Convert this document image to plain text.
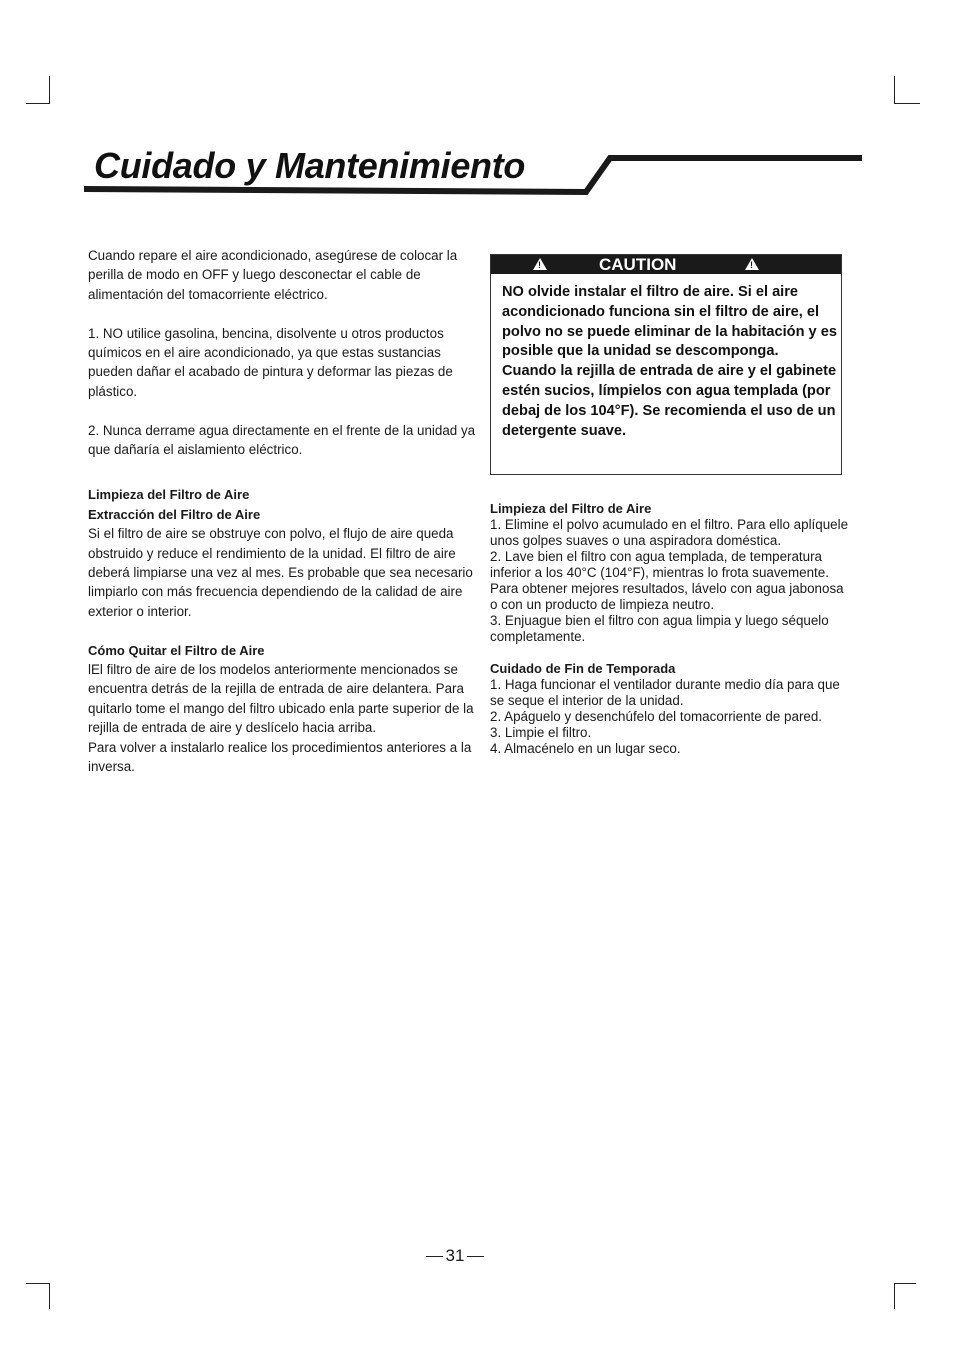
Cuidado y Mantenimiento

Cuando repare el aire acondicionado, asegúrese de colocar la perilla de modo en OFF y luego desconectar el cable de alimentación del tomacorriente eléctrico.

1. NO utilice gasolina, bencina, disolvente u otros productos químicos en el aire acondicionado, ya que estas sustancias pueden dañar el acabado de pintura y deformar las piezas de plástico.

2. Nunca derrame agua directamente en el frente de la unidad ya que dañaría el aislamiento eléctrico.

Limpieza del Filtro de Aire

Extracción del Filtro de Aire

Si el filtro de aire se obstruye con polvo, el flujo de aire queda obstruido y reduce el rendimiento de la unidad. El filtro de aire deberá limpiarse una vez al mes. Es probable que sea necesario limpiarlo con más frecuencia dependiendo de la calidad de aire exterior o interior.

Cómo Quitar el Filtro de Aire

lEl filtro de aire de los modelos anteriormente mencionados se encuentra detrás de la rejilla de entrada de aire delantera. Para quitarlo tome el mango del filtro ubicado enla parte superior de la rejilla de entrada de aire y deslícelo hacia arriba.

Para volver a instalarlo realice los procedimientos anteriores a la inversa.

!	CAUTION	!

NO olvide instalar el filtro de aire. Si el aire acondicionado funciona sin el filtro de aire, el polvo no se puede eliminar de la habitación y es posible que la unidad se descomponga.

Cuando la rejilla de entrada de aire y el gabinete estén sucios, límpielos con agua templada (por debaj de los 104°F). Se recomienda el uso de un detergente suave.

Limpieza del Filtro de Aire

1. Elimine el polvo acumulado en el filtro. Para ello aplíquele unos golpes suaves o una aspiradora doméstica.

2. Lave bien el filtro con agua templada, de temperatura inferior a los 40°C (104°F), mientras lo frota suavemente. Para obtener mejores resultados, lávelo con agua jabonosa o con un producto de limpieza neutro.

3. Enjuague bien el filtro con agua limpia y luego séquelo completamente.

Cuidado de Fin de Temporada

1. Haga funcionar el ventilador durante medio día para que se seque el interior de la unidad.

2. Apáguelo y desenchúfelo del tomacorriente de pared.

3. Limpie el filtro.

4. Almacénelo en un lugar seco.

31
